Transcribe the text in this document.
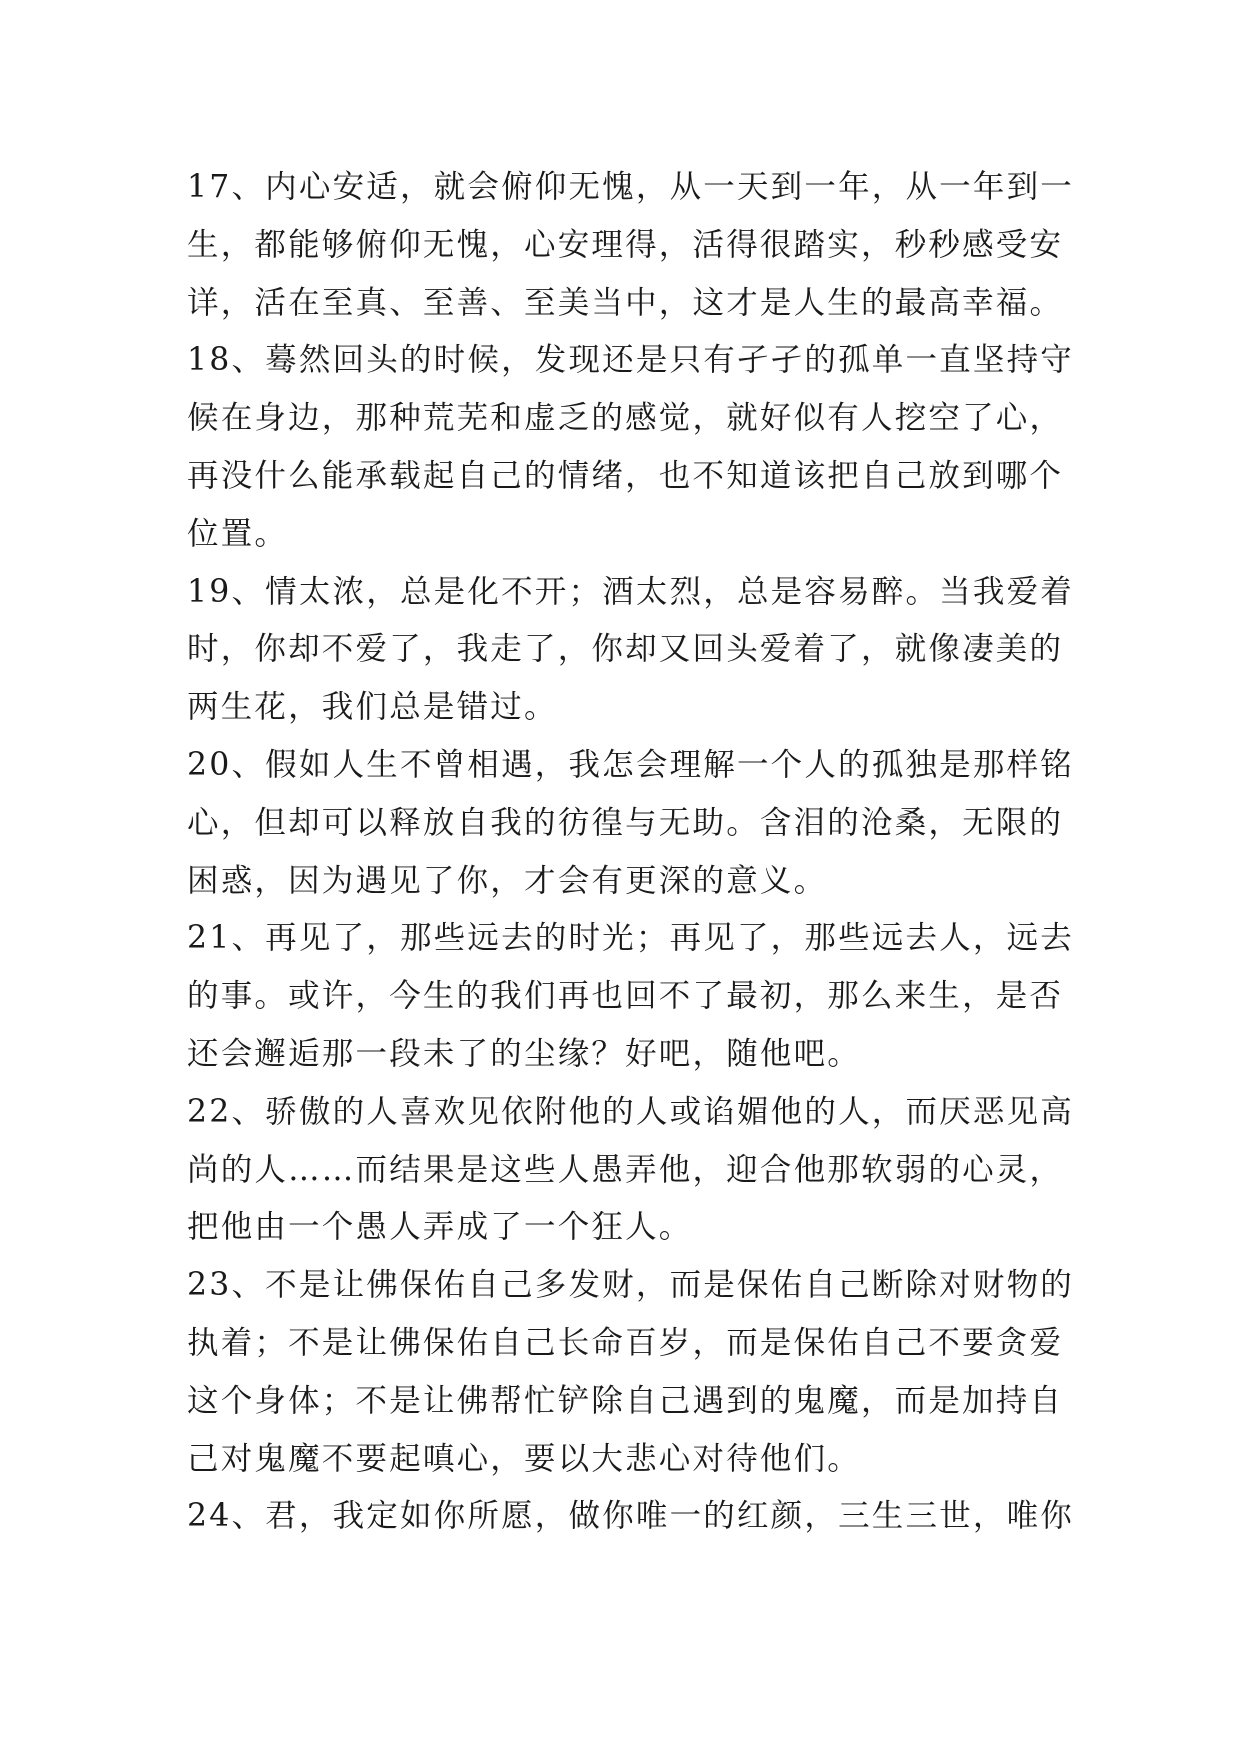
17、内心安适，就会俯仰无愧，从一天到一年，从一年到一
生，都能够俯仰无愧，心安理得，活得很踏实，秒秒感受安
详，活在至真、至善、至美当中，这才是人生的最高幸福。
18、蓦然回头的时候，发现还是只有孑孑的孤单一直坚持守
候在身边，那种荒芜和虚乏的感觉，就好似有人挖空了心，
再没什么能承载起自己的情绪，也不知道该把自己放到哪个
位置。
19、情太浓，总是化不开；酒太烈，总是容易醉。当我爱着
时，你却不爱了，我走了，你却又回头爱着了，就像凄美的
两生花，我们总是错过。
20、假如人生不曾相遇，我怎会理解一个人的孤独是那样铭
心，但却可以释放自我的彷徨与无助。含泪的沧桑，无限的
困惑，因为遇见了你，才会有更深的意义。
21、再见了，那些远去的时光；再见了，那些远去人，远去
的事。或许，今生的我们再也回不了最初，那么来生，是否
还会邂逅那一段未了的尘缘？好吧，随他吧。
22、骄傲的人喜欢见依附他的人或谄媚他的人，而厌恶见高
尚的人……而结果是这些人愚弄他，迎合他那软弱的心灵，
把他由一个愚人弄成了一个狂人。
23、不是让佛保佑自己多发财，而是保佑自己断除对财物的
执着；不是让佛保佑自己长命百岁，而是保佑自己不要贪爱
这个身体；不是让佛帮忙铲除自己遇到的鬼魔，而是加持自
己对鬼魔不要起嗔心，要以大悲心对待他们。
24、君，我定如你所愿，做你唯一的红颜，三生三世，唯你
